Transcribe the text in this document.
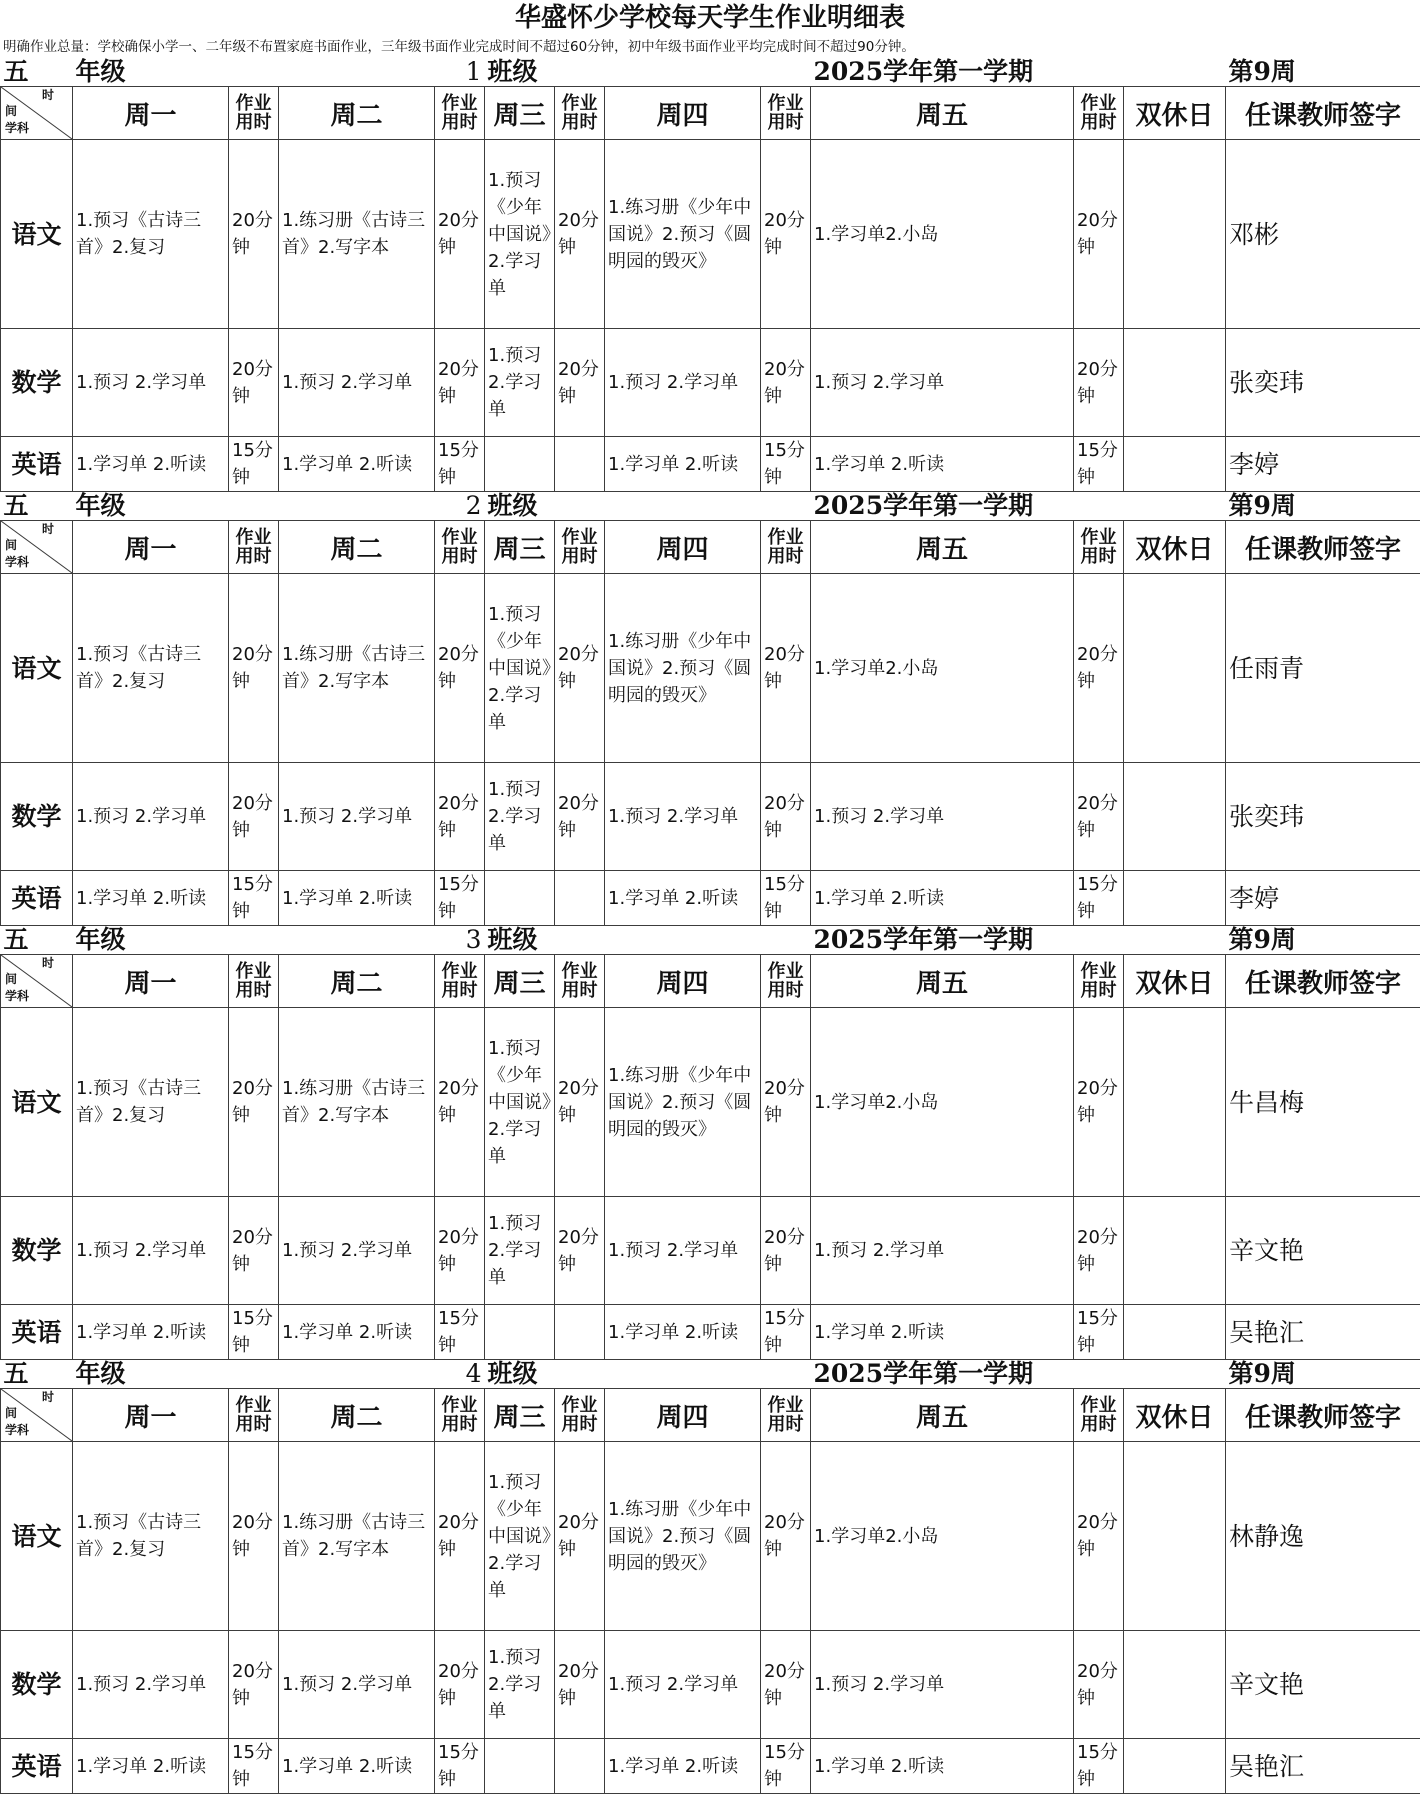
华盛怀少学校每天学生作业明细表
明确作业总量：学校确保小学一、二年级不布置家庭书面作业，三年级书面作业完成时间不超过60分钟，初中年级书面作业平均完成时间不超过90分钟。
五	年级	1			班级				2025学年第一学期			第9周

时
间
学科	周一	作业用时	周二	作业用时	周三	作业用时	周四	作业用时	周五	作业用时	双休日	任课教师签字
语文	1.预习《古诗三首》2.复习	20分钟	1.练习册《古诗三首》2.写字本	20分钟	1.预习《少年中国说》2.学习单	20分钟	1.练习册《少年中国说》2.预习《圆明园的毁灭》	20分钟	1.学习单2.小岛	20分钟		邓彬
数学	1.预习 2.学习单	20分钟	1.预习 2.学习单	20分钟	1.预习2.学习单	20分钟	1.预习 2.学习单	20分钟	1.预习 2.学习单	20分钟		张奕玮
英语	1.学习单 2.听读	15分钟	1.学习单 2.听读	15分钟			1.学习单 2.听读	15分钟	1.学习单 2.听读	15分钟		李婷
五	年级	2			班级				2025学年第一学期			第9周

时
间
学科	周一	作业用时	周二	作业用时	周三	作业用时	周四	作业用时	周五	作业用时	双休日	任课教师签字
语文	1.预习《古诗三首》2.复习	20分钟	1.练习册《古诗三首》2.写字本	20分钟	1.预习《少年中国说》2.学习单	20分钟	1.练习册《少年中国说》2.预习《圆明园的毁灭》	20分钟	1.学习单2.小岛	20分钟		任雨青
数学	1.预习 2.学习单	20分钟	1.预习 2.学习单	20分钟	1.预习2.学习单	20分钟	1.预习 2.学习单	20分钟	1.预习 2.学习单	20分钟		张奕玮
英语	1.学习单 2.听读	15分钟	1.学习单 2.听读	15分钟			1.学习单 2.听读	15分钟	1.学习单 2.听读	15分钟		李婷
五	年级	3			班级				2025学年第一学期			第9周

时
间
学科	周一	作业用时	周二	作业用时	周三	作业用时	周四	作业用时	周五	作业用时	双休日	任课教师签字
语文	1.预习《古诗三首》2.复习	20分钟	1.练习册《古诗三首》2.写字本	20分钟	1.预习《少年中国说》2.学习单	20分钟	1.练习册《少年中国说》2.预习《圆明园的毁灭》	20分钟	1.学习单2.小岛	20分钟		牛昌梅
数学	1.预习 2.学习单	20分钟	1.预习 2.学习单	20分钟	1.预习2.学习单	20分钟	1.预习 2.学习单	20分钟	1.预习 2.学习单	20分钟		辛文艳
英语	1.学习单 2.听读	15分钟	1.学习单 2.听读	15分钟			1.学习单 2.听读	15分钟	1.学习单 2.听读	15分钟		吴艳汇
五	年级	4			班级				2025学年第一学期			第9周

时
间
学科	周一	作业用时	周二	作业用时	周三	作业用时	周四	作业用时	周五	作业用时	双休日	任课教师签字
语文	1.预习《古诗三首》2.复习	20分钟	1.练习册《古诗三首》2.写字本	20分钟	1.预习《少年中国说》2.学习单	20分钟	1.练习册《少年中国说》2.预习《圆明园的毁灭》	20分钟	1.学习单2.小岛	20分钟		林静逸
数学	1.预习 2.学习单	20分钟	1.预习 2.学习单	20分钟	1.预习2.学习单	20分钟	1.预习 2.学习单	20分钟	1.预习 2.学习单	20分钟		辛文艳
英语	1.学习单 2.听读	15分钟	1.学习单 2.听读	15分钟			1.学习单 2.听读	15分钟	1.学习单 2.听读	15分钟		吴艳汇
